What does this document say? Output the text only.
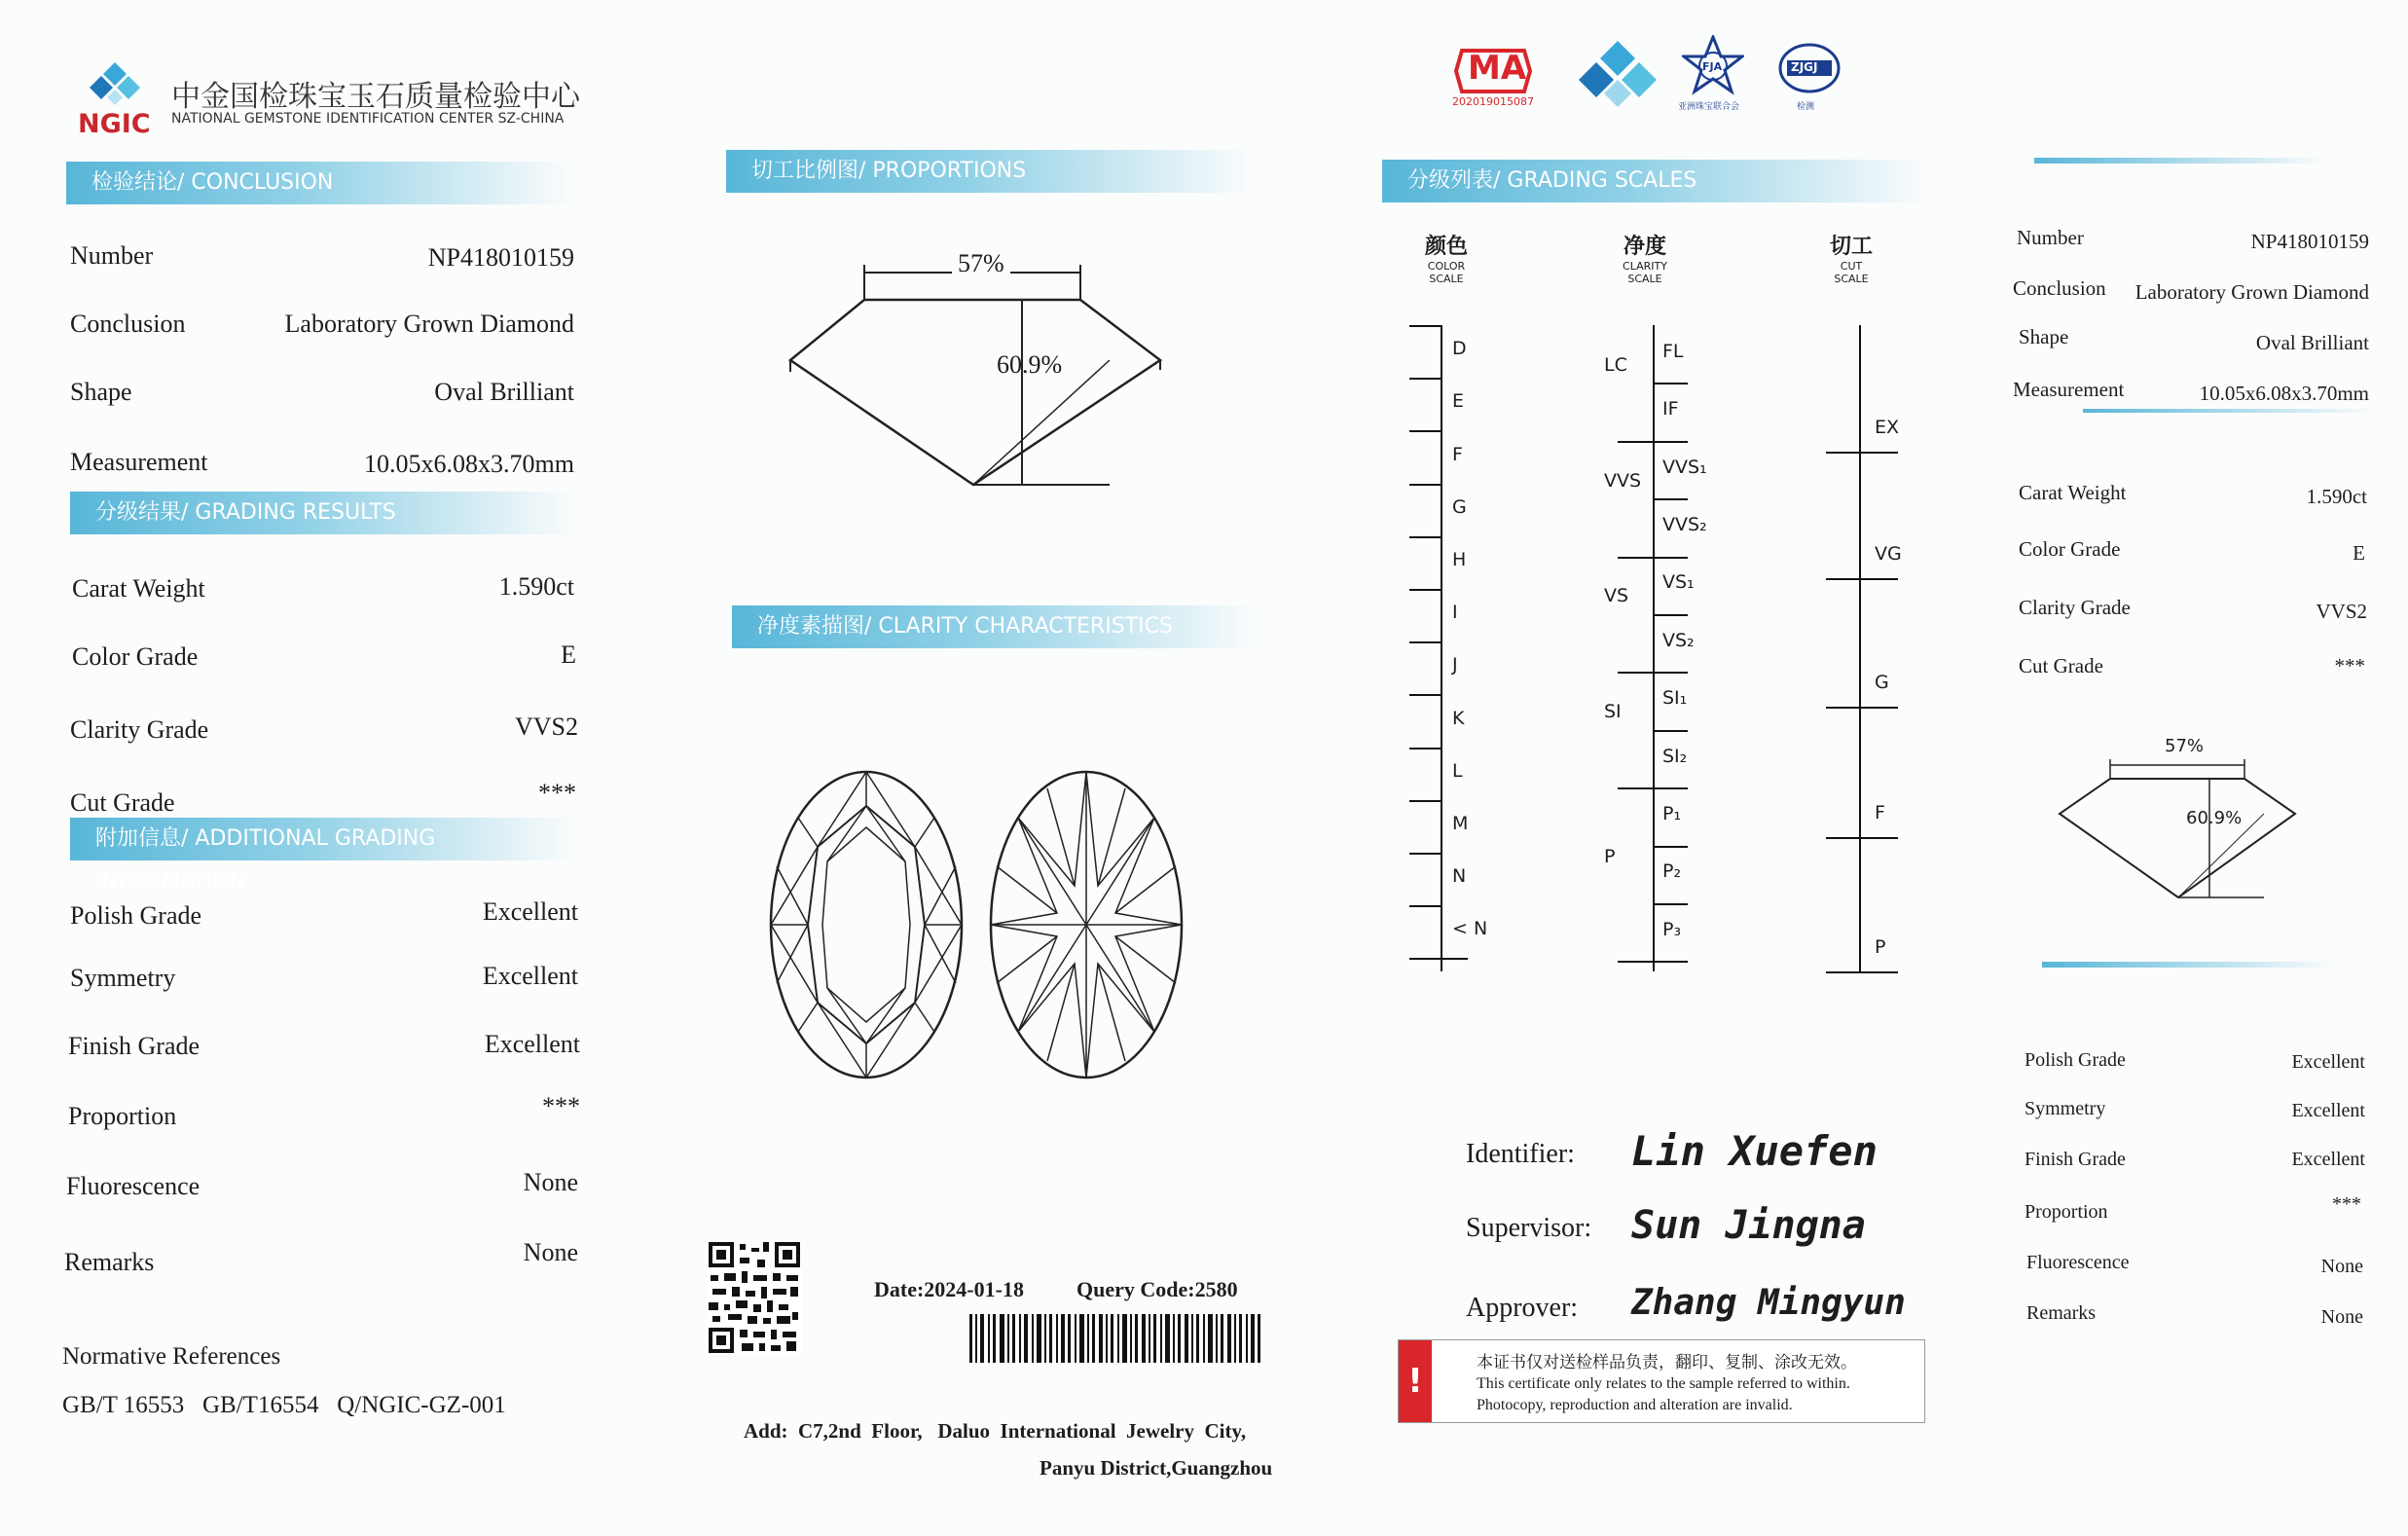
NGIC
中金国检珠宝玉石质量检验中心
NATIONAL GEMSTONE IDENTIFICATION CENTER SZ-CHINA
检验结论/ CONCLUSION
Number	NP418010159
Conclusion	Laboratory Grown Diamond
Shape	Oval Brilliant
Measurement	10.05x6.08x3.70mm
分级结果/ GRADING RESULTS
Carat Weight	1.590ct
Color Grade	E
Clarity Grade	VVS2
Cut Grade	***
附加信息/ ADDITIONAL GRADING INFORMATION
Polish Grade	Excellent
Symmetry	Excellent
Finish Grade	Excellent
Proportion	***
Fluorescence	None
Remarks	None
Normative References
GB/T 16553   GB/T16554   Q/NGIC-GZ-001
切工比例图/ PROPORTIONS
57%
60.9%
净度素描图/ CLARITY CHARACTERISTICS
Date:2024-01-18 Query Code:2580
Add:  C7,2nd  Floor,   Daluo  International  Jewelry  City,
Panyu District,Guangzhou
MA
202019015087
FJA
亚洲珠宝联合会
ZJGJ
检测
分级列表/ GRADING SCALES
颜色
COLOR
SCALE
净度
CLARITY
SCALE
切工
CUT
SCALE
D
E
F
G
H
I
J
K
L
M
N
< N
FL
IF
VVS₁
VVS₂
VS₁
VS₂
SI₁
SI₂
P₁
P₂
P₃
LC
VVS
VS
SI
P
EX
VG
G
F
P
Identifier: Lin Xuefen
Supervisor: Sun Jingna
Approver: Zhang Mingyun
!	本证书仅对送检样品负责，翻印、复制、涂改无效。
This certificate only relates to the sample referred to within.
Photocopy, reproduction and alteration are invalid.
Number	NP418010159
Conclusion Laboratory Grown Diamond
Shape	Oval Brilliant
Measurement	10.05x6.08x3.70mm
Carat Weight	1.590ct
Color Grade	E
Clarity Grade	VVS2
Cut Grade	***
57%
60.9%
Polish Grade	Excellent
Symmetry	Excellent
Finish Grade	Excellent
Proportion	***
Fluorescence	None
Remarks	None
